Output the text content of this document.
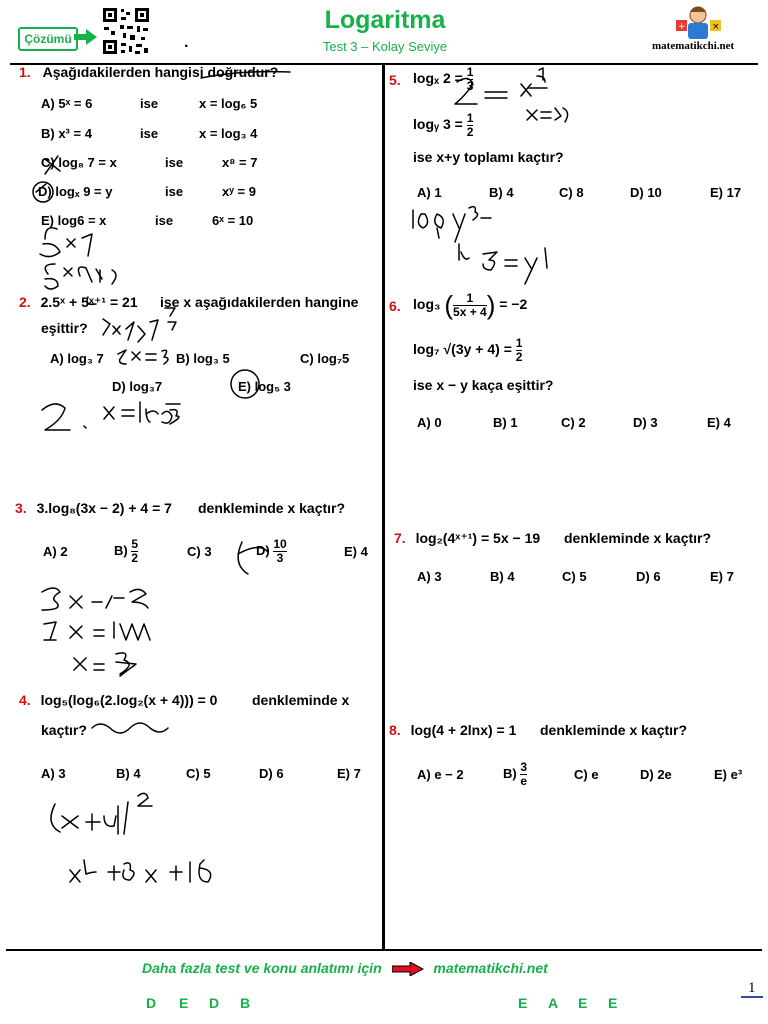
Çözümü	.
Logaritma
Test 3 – Kolay Seviye
+	×
matematikchi.net
1. Aşağıdakilerden hangisi doğrudur?
A) 5ˣ = 6	ise	x = log₆ 5
B) x³ = 4	ise	x = log₃ 4
C) log₈ 7 = x	ise	x⁸ = 7
D) logₓ 9 = y	ise	xʸ = 9
E) log6 = x	ise	6ˣ = 10
2. 2.5ˣ + 5ˣ⁺¹ = 21 ise x aşağıdakilerden hangine
eşittir?
A) log₃ 7	B) log₃ 5	C) log₇5
D) log₃7	E) log₅ 3
3. 3.log₈(3x − 2) + 4 = 7 denkleminde x kaçtır?
A) 2	$B) \frac{5}{2}$	C) 3	$D) \frac{10}{3}$	E) 4
4. log₅(log₆(2.log₂(x + 4))) = 0 denkleminde x
kaçtır?
A) 3	B) 4	C) 5	D) 6	E) 7
5. logₓ $2 = \frac{1}{3}$
logᵧ $3 = \frac{1}{2}$
ise x+y toplamı kaçtır?
A) 1	B) 4	C) 8	D) 10	E) 17
6. log₃ ( $\frac{1}{5x + 4}$ ) = −2
log₇ $√(3y + 4) = \frac{1}{2}$
ise x − y kaça eşittir?
A) 0	B) 1	C) 2	D) 3	E) 4
7. log₂(4ˣ⁺¹) = 5x − 19 denkleminde x kaçtır?
A) 3	B) 4	C) 5	D) 6	E) 7
8. log(4 + 2lnx) = 1 denkleminde x kaçtır?
A) e − 2	$B) \frac{3}{e}$	C) e	D) 2e	E) e³
Daha fazla test ve konu anlatımı için	matematikchi.net
D E D B	E A E E
1
